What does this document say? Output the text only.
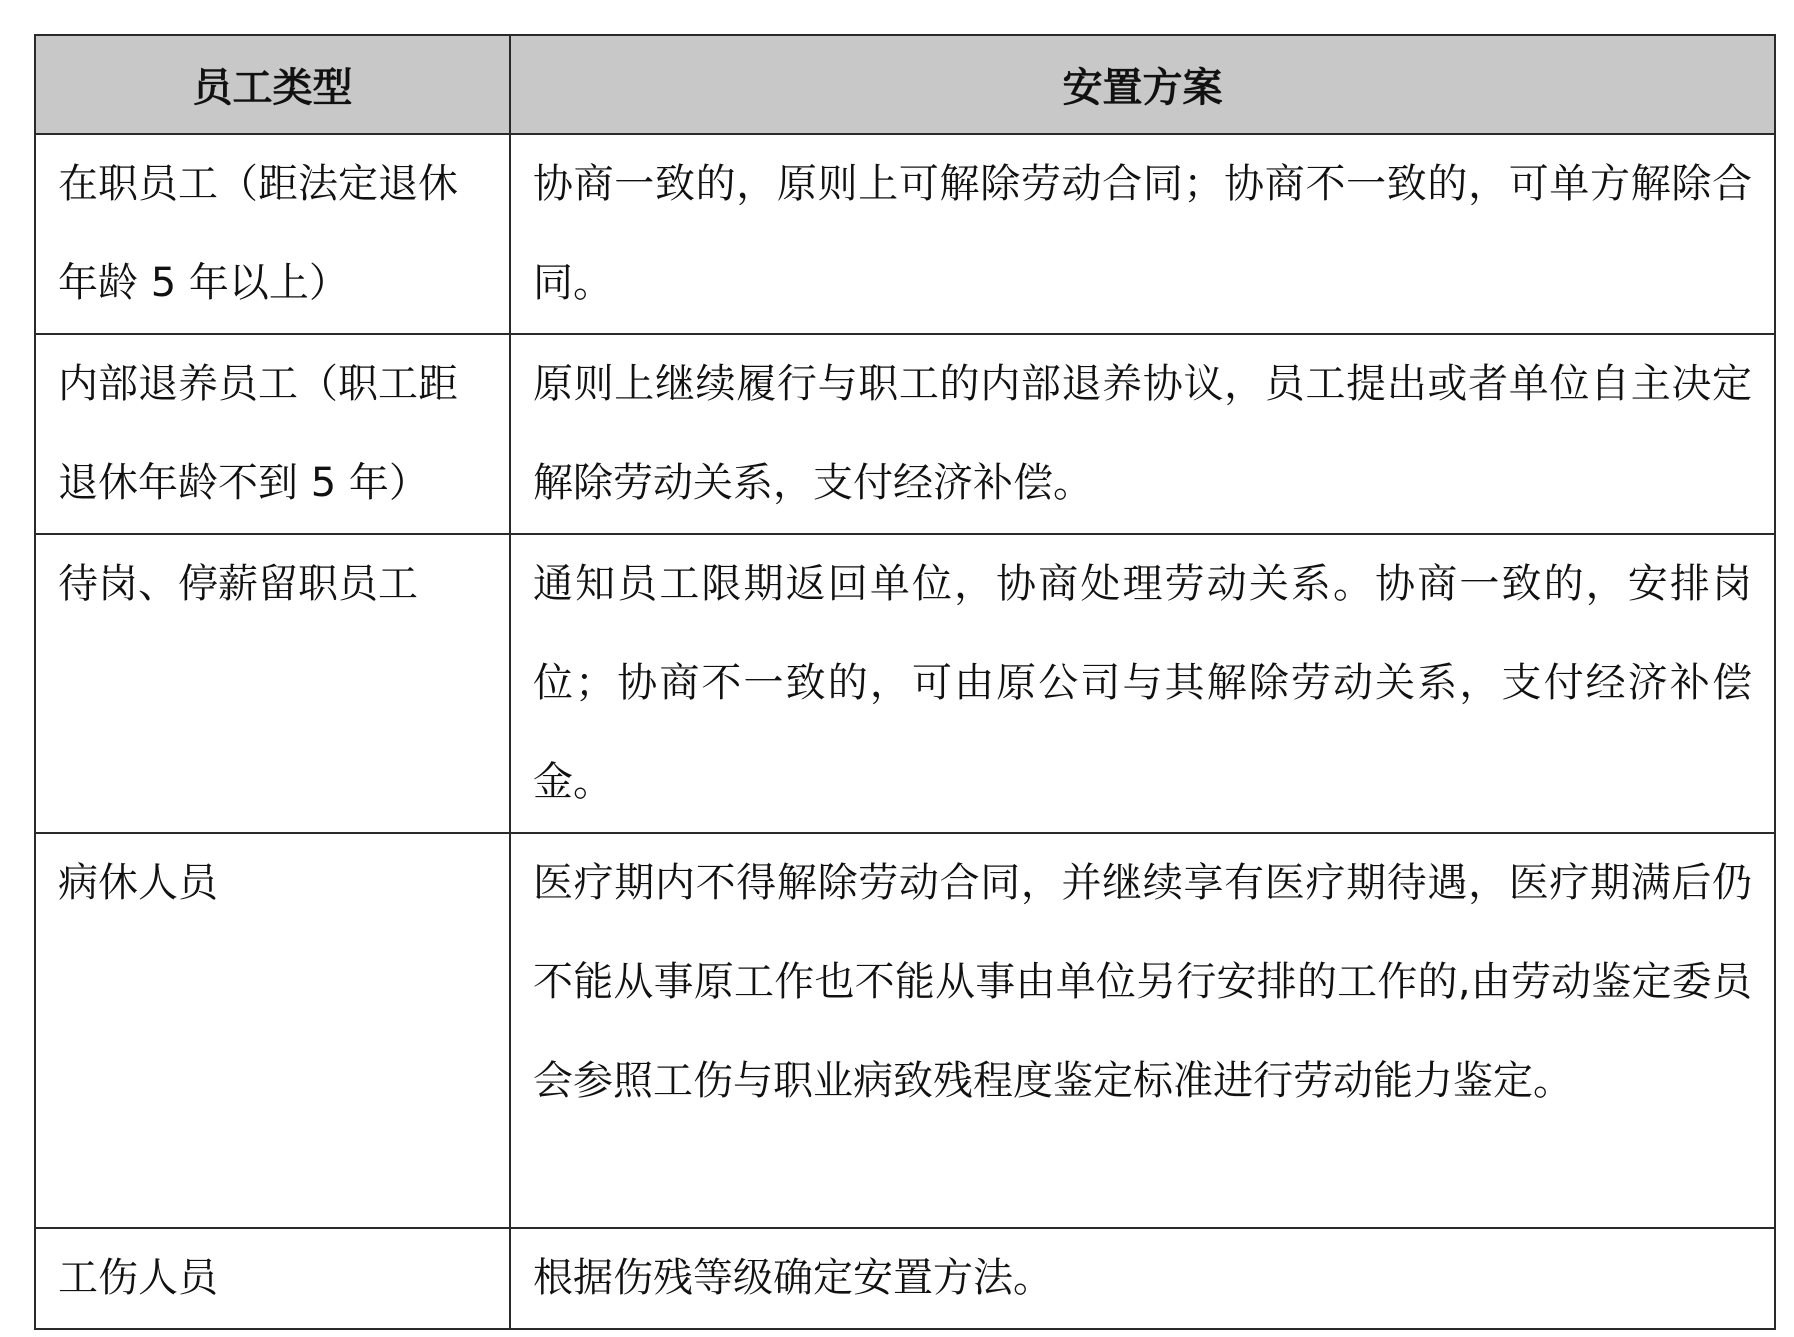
员工类型	安置方案
在职员工（距法定退休年龄 5 年以上）	协商一致的，原则上可解除劳动合同；协商不一致的，可单方解除合同。
内部退养员工（职工距退休年龄不到 5 年）	原则上继续履行与职工的内部退养协议，员工提出或者单位自主决定解除劳动关系，支付经济补偿。
待岗、停薪留职员工	通知员工限期返回单位，协商处理劳动关系。协商一致的，安排岗位；协商不一致的，可由原公司与其解除劳动关系，支付经济补偿金。
病休人员	医疗期内不得解除劳动合同，并继续享有医疗期待遇，医疗期满后仍不能从事原工作也不能从事由单位另行安排的工作的,由劳动鉴定委员会参照工伤与职业病致残程度鉴定标准进行劳动能力鉴定。
工伤人员	根据伤残等级确定安置方法。
